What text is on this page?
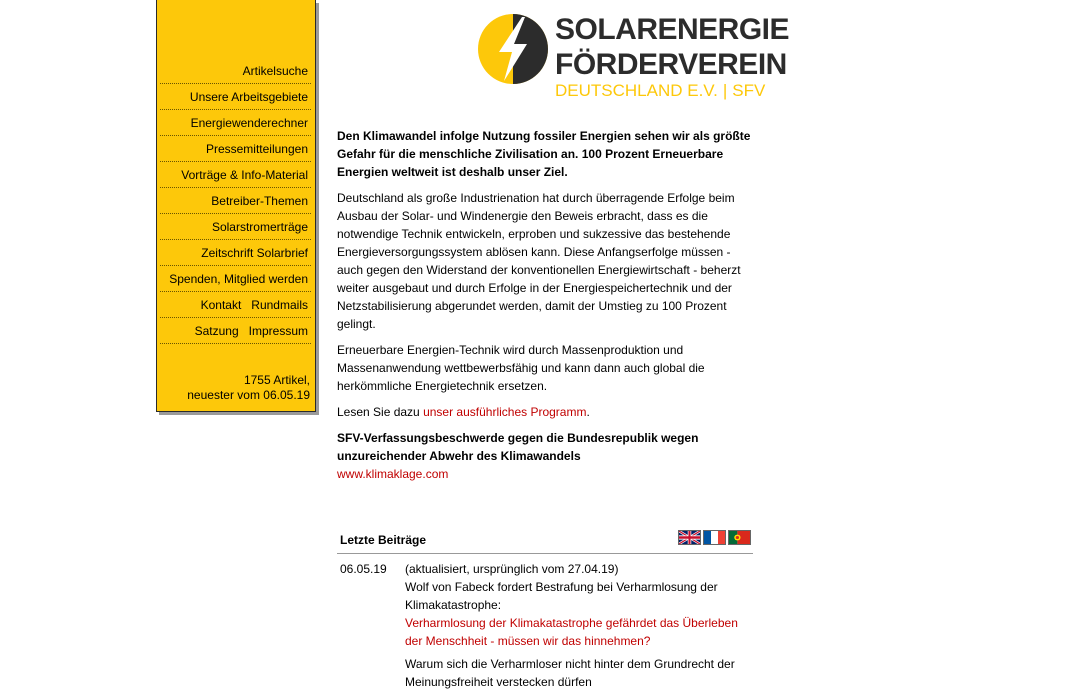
Artikelsuche
Unsere Arbeitsgebiete
Energiewenderechner
Pressemitteilungen
Vorträge & Info-Material
Betreiber-Themen
Solarstromerträge
Zeitschrift Solarbrief
Spenden, Mitglied werden
Kontakt Rundmails
Satzung Impressum
1755 Artikel,
neuester vom 06.05.19
SOLARENERGIE
FÖRDERVEREIN
DEUTSCHLAND E.V. | SFV

Den Klimawandel infolge Nutzung fossiler Energien sehen wir als größte Gefahr für die menschliche Zivilisation an. 100 Prozent Erneuerbare Energien weltweit ist deshalb unser Ziel.

Deutschland als große Industrienation hat durch überragende Erfolge beim Ausbau der Solar- und Windenergie den Beweis erbracht, dass es die notwendige Technik entwickeln, erproben und sukzessive das bestehende Energieversorgungssystem ablösen kann. Diese Anfangserfolge müssen - auch gegen den Widerstand der konventionellen Energiewirtschaft - beherzt weiter ausgebaut und durch Erfolge in der Energiespeichertechnik und der Netzstabilisierung abgerundet werden, damit der Umstieg zu 100 Prozent gelingt.

Erneuerbare Energien-Technik wird durch Massenproduktion und Massenanwendung wettbewerbsfähig und kann dann auch global die herkömmliche Energietechnik ersetzen.

Lesen Sie dazu unser ausführliches Programm.

SFV-Verfassungsbeschwerde gegen die Bundesrepublik wegen unzureichender Abwehr des Klimawandels
www.klimaklage.com

Letzte Beiträge
06.05.19 (aktualisiert, ursprünglich vom 27.04.19)
Wolf von Fabeck fordert Bestrafung bei Verharmlosung der Klimakatastrophe:
Verharmlosung der Klimakatastrophe gefährdet das Überleben der Menschheit - müssen wir das hinnehmen?

Warum sich die Verharmloser nicht hinter dem Grundrecht der Meinungsfreiheit verstecken dürfen
